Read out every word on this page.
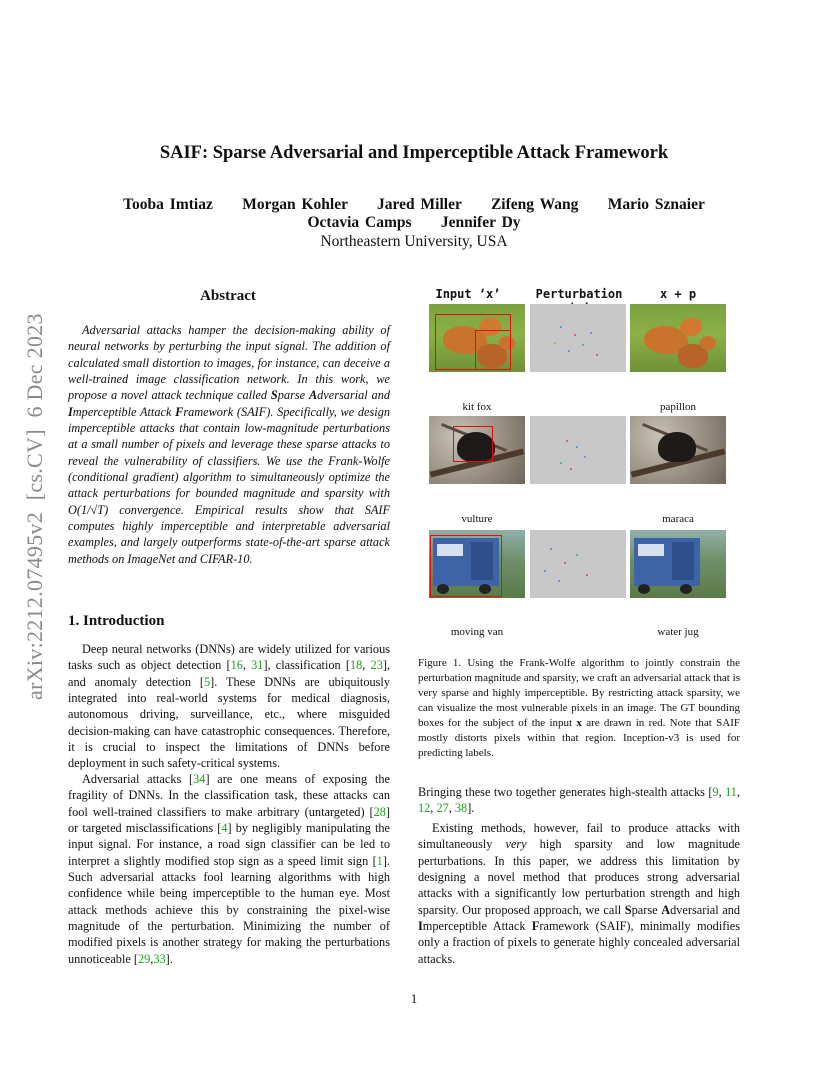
SAIF: Sparse Adversarial and Imperceptible Attack Framework
Tooba Imtiaz     Morgan Kohler     Jared Miller     Zifeng Wang     Mario Sznaier
Octavia Camps     Jennifer Dy
Northeastern University, USA
arXiv:2212.07495v2  [cs.CV]  6 Dec 2023
Abstract

Adversarial attacks hamper the decision-making ability of neural networks by perturbing the input signal. The addition of calculated small distortion to images, for instance, can deceive a well-trained image classification network. In this work, we propose a novel attack technique called Sparse Adversarial and Imperceptible Attack Framework (SAIF). Specifically, we design imperceptible attacks that contain low-magnitude perturbations at a small number of pixels and leverage these sparse attacks to reveal the vulnerability of classifiers. We use the Frank-Wolfe (conditional gradient) algorithm to simultaneously optimize the attack perturbations for bounded magnitude and sparsity with O(1/√T) convergence. Empirical results show that SAIF computes highly imperceptible and interpretable adversarial examples, and largely outperforms state-of-the-art sparse attack methods on ImageNet and CIFAR-10.

1. Introduction

Deep neural networks (DNNs) are widely utilized for various tasks such as object detection [16, 31], classification [18, 23], and anomaly detection [5]. These DNNs are ubiquitously integrated into real-world systems for medical diagnosis, autonomous driving, surveillance, etc., where misguided decision-making can have catastrophic consequences. Therefore, it is crucial to inspect the limitations of DNNs before deployment in such safety-critical systems.

Adversarial attacks [34] are one means of exposing the fragility of DNNs. In the classification task, these attacks can fool well-trained classifiers to make arbitrary (untargeted) [28] or targeted misclassifications [4] by negligibly manipulating the input signal. For instance, a road sign classifier can be led to interpret a slightly modified stop sign as a speed limit sign [1]. Such adversarial attacks fool learning algorithms with high confidence while being imperceptible to the human eye. Most attack methods achieve this by constraining the pixel-wise magnitude of the perturbation. Minimizing the number of modified pixels is another strategy for making the perturbations unnoticeable [29,33].

Input ‘x’	Perturbation	x + p
kit fox	papillon
vulture	maraca
moving van	water jug

Figure 1. Using the Frank-Wolfe algorithm to jointly constrain the perturbation magnitude and sparsity, we craft an adversarial attack that is very sparse and highly imperceptible. By restricting attack sparsity, we can visualize the most vulnerable pixels in an image. The GT bounding boxes for the subject of the input x are drawn in red. Note that SAIF mostly distorts pixels within that region. Inception-v3 is used for predicting labels.

Bringing these two together generates high-stealth attacks [9, 11, 12, 27, 38].

Existing methods, however, fail to produce attacks with simultaneously very high sparsity and low magnitude perturbations. In this paper, we address this limitation by designing a novel method that produces strong adversarial attacks with a significantly low perturbation strength and high sparsity. Our proposed approach, we call Sparse Adversarial and Imperceptible Attack Framework (SAIF), minimally modifies only a fraction of pixels to generate highly concealed adversarial attacks.

1
